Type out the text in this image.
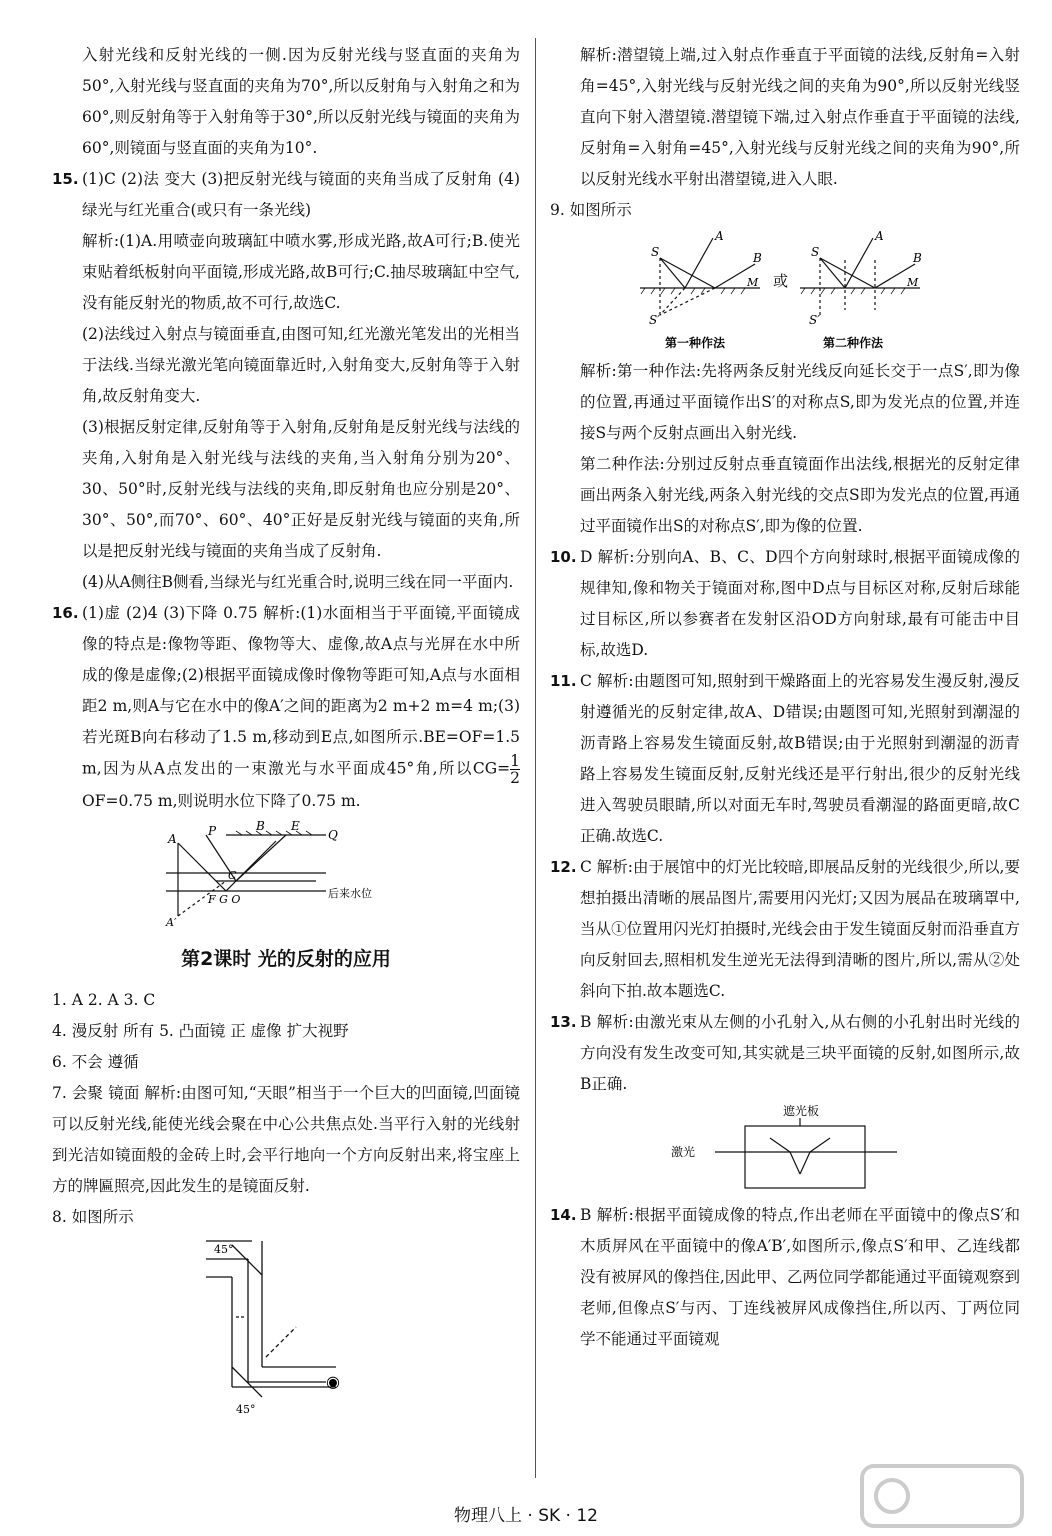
入射光线和反射光线的一侧.因为反射光线与竖直面的夹角为50°,入射光线与竖直面的夹角为70°,所以反射角与入射角之和为60°,则反射角等于入射角等于30°,所以反射光线与镜面的夹角为60°,则镜面与竖直面的夹角为10°.

15. (1)C (2)法 变大 (3)把反射光线与镜面的夹角当成了反射角 (4)绿光与红光重合(或只有一条光线)

解析:(1)A.用喷壶向玻璃缸中喷水雾,形成光路,故A可行;B.使光束贴着纸板射向平面镜,形成光路,故B可行;C.抽尽玻璃缸中空气,没有能反射光的物质,故不可行,故选C.

(2)法线过入射点与镜面垂直,由图可知,红光激光笔发出的光相当于法线.当绿光激光笔向镜面靠近时,入射角变大,反射角等于入射角,故反射角变大.

(3)根据反射定律,反射角等于入射角,反射角是反射光线与法线的夹角,入射角是入射光线与法线的夹角,当入射角分别为20°、30、50°时,反射光线与法线的夹角,即反射角也应分别是20°、30°、50°,而70°、60°、40°正好是反射光线与镜面的夹角,所以是把反射光线与镜面的夹角当成了反射角.

(4)从A侧往B侧看,当绿光与红光重合时,说明三线在同一平面内.

16. (1)虚 (2)4 (3)下降 0.75 解析:(1)水面相当于平面镜,平面镜成像的特点是:像物等距、像物等大、虚像,故A点与光屏在水中所成的像是虚像;(2)根据平面镜成像时像物等距可知,A点与水面相距2 m,则A与它在水中的像A′之间的距离为2 m+2 m=4 m;(3)若光斑B向右移动了1.5 m,移动到E点,如图所示.BE=OF=1.5 m,因为从A点发出的一束激光与水平面成45°角,所以$CG= \frac{1}{2}$
OF=0.75 m,则说明水位下降了0.75 m.

A
P	B E
Q
C
F G O
A′
后来水位
第2课时 光的反射的应用

1. A 2. A 3. C

4. 漫反射 所有 5. 凸面镜 正 虚像 扩大视野

6. 不会 遵循

7. 会聚 镜面 解析:由图可知,“天眼”相当于一个巨大的凹面镜,凹面镜可以反射光线,能使光线会聚在中心公共焦点处.当平行入射的光线射到光洁如镜面般的金砖上时,会平行地向一个方向反射出来,将宝座上方的牌匾照亮,因此发生的是镜面反射.

8. 如图所示

45°
45°
◉

解析:潜望镜上端,过入射点作垂直于平面镜的法线,反射角=入射角=45°,入射光线与反射光线之间的夹角为90°,所以反射光线竖直向下射入潜望镜.潜望镜下端,过入射点作垂直于平面镜的法线,反射角=入射角=45°,入射光线与反射光线之间的夹角为90°,所以反射光线水平射出潜望镜,进入人眼.

9. 如图所示

S
A
B
M
S′
或
S
A
B
M
S′
第一种作法	第二种作法

解析:第一种作法:先将两条反射光线反向延长交于一点S′,即为像的位置,再通过平面镜作出S′的对称点S,即为发光点的位置,并连接S与两个反射点画出入射光线.

第二种作法:分别过反射点垂直镜面作出法线,根据光的反射定律画出两条入射光线,两条入射光线的交点S即为发光点的位置,再通过平面镜作出S的对称点S′,即为像的位置.

10. D 解析:分别向A、B、C、D四个方向射球时,根据平面镜成像的规律知,像和物关于镜面对称,图中D点与目标区对称,反射后球能过目标区,所以参赛者在发射区沿OD方向射球,最有可能击中目标,故选D.

11. C 解析:由题图可知,照射到干燥路面上的光容易发生漫反射,漫反射遵循光的反射定律,故A、D错误;由题图可知,光照射到潮湿的沥青路上容易发生镜面反射,故B错误;由于光照射到潮湿的沥青路上容易发生镜面反射,反射光线还是平行射出,很少的反射光线进入驾驶员眼睛,所以对面无车时,驾驶员看潮湿的路面更暗,故C正确.故选C.

12. C 解析:由于展馆中的灯光比较暗,即展品反射的光线很少,所以,要想拍摄出清晰的展品图片,需要用闪光灯;又因为展品在玻璃罩中,当从①位置用闪光灯拍摄时,光线会由于发生镜面反射而沿垂直方向反射回去,照相机发生逆光无法得到清晰的图片,所以,需从②处斜向下拍.故本题选C.

13. B 解析:由激光束从左侧的小孔射入,从右侧的小孔射出时光线的方向没有发生改变可知,其实就是三块平面镜的反射,如图所示,故B正确.

遮光板
激光

14. B 解析:根据平面镜成像的特点,作出老师在平面镜中的像点S′和木质屏风在平面镜中的像A′B′,如图所示,像点S′和甲、乙连线都没有被屏风的像挡住,因此甲、乙两位同学都能通过平面镜观察到老师,但像点S′与丙、丁连线被屏风成像挡住,所以丙、丁两位同学不能通过平面镜观

物理八上 · SK · 12
